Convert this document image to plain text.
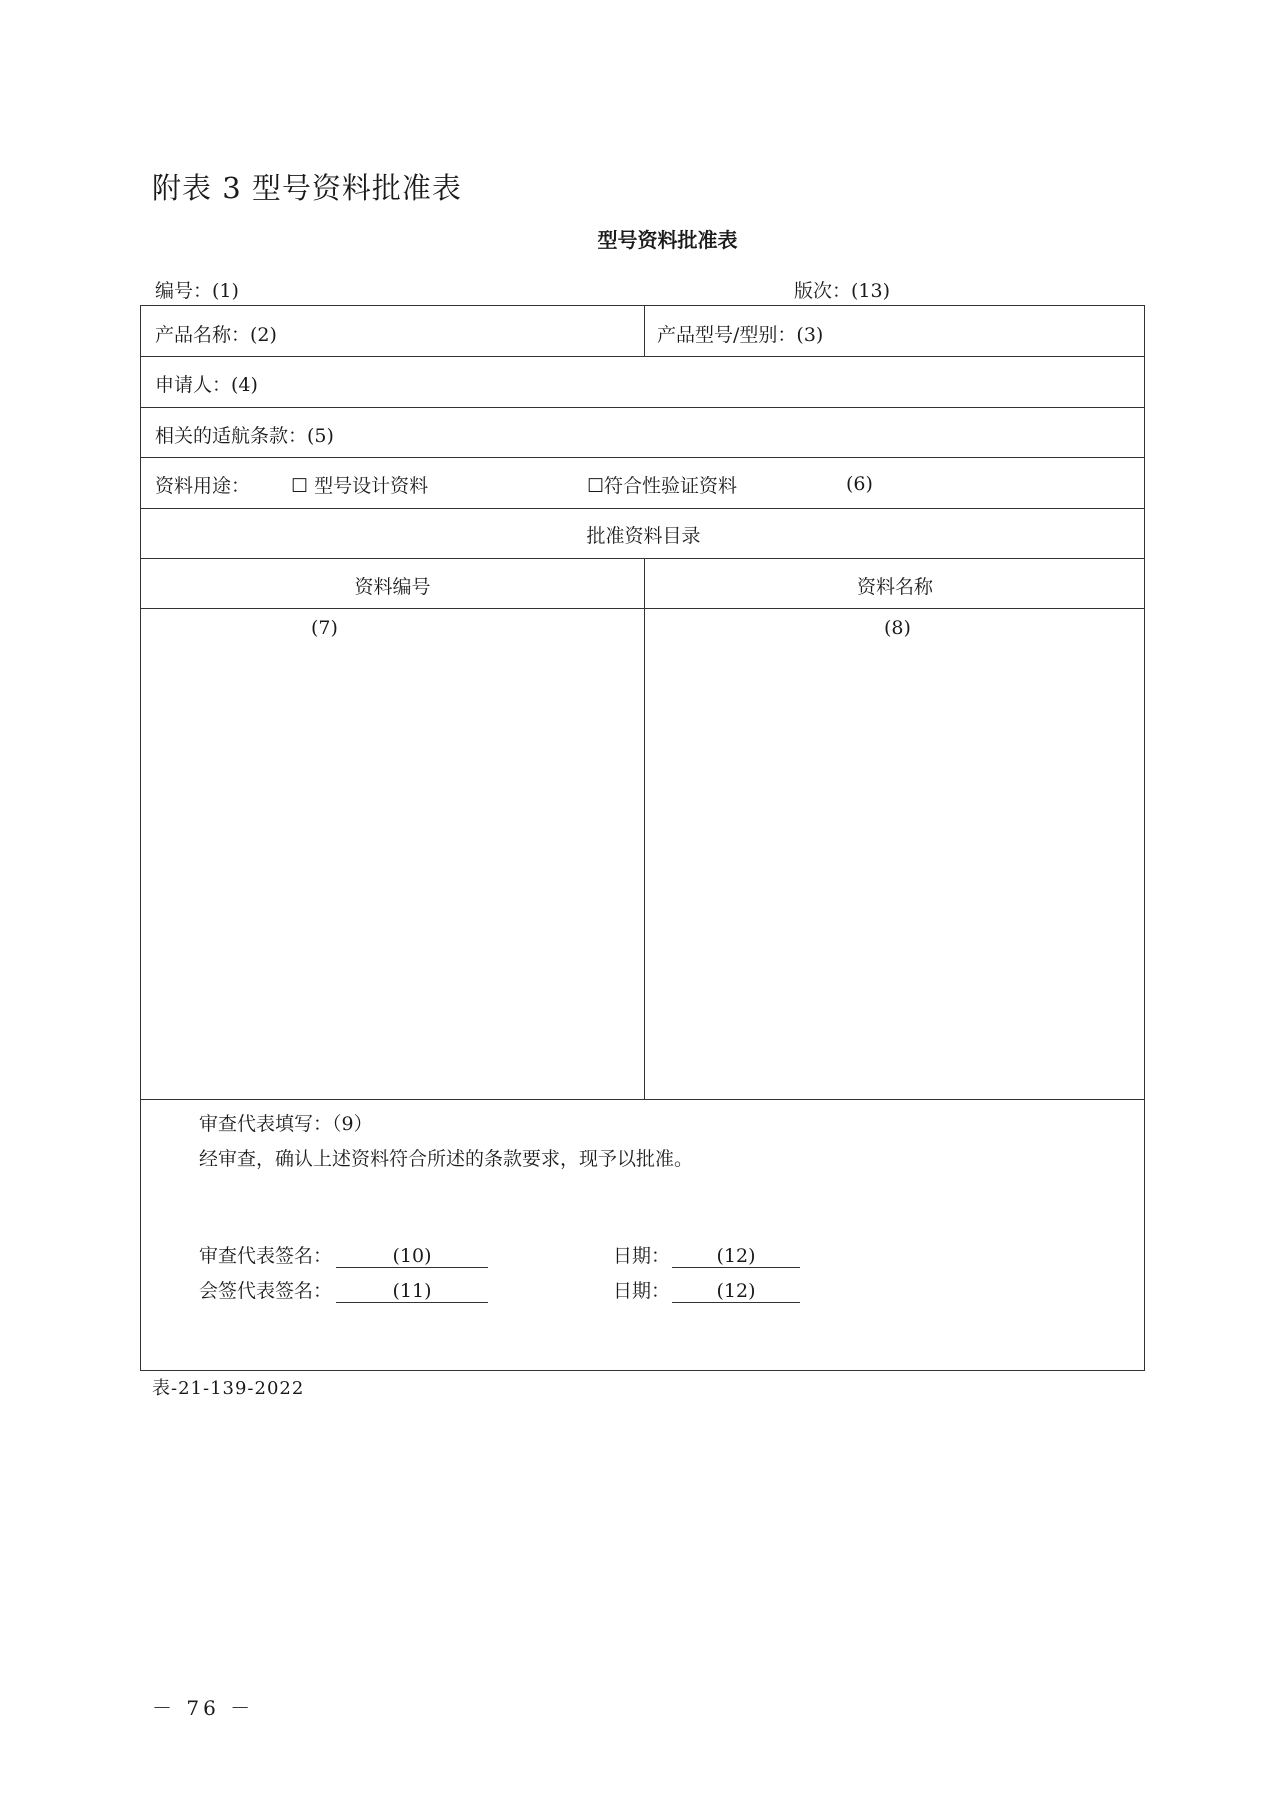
附表 3 型号资料批准表
型号资料批准表
编号：(1)	版次：(13)
产品名称：(2)	产品型号/型别：(3)
申请人：(4)
相关的适航条款：(5)
资料用途： ☐ 型号设计资料	☐符合性验证资料	(6)
批准资料目录
资料编号	资料名称
(7)	(8)
审查代表填写：（9）
经审查，确认上述资料符合所述的条款要求，现予以批准。
审查代表签名：	(10)	日期： (12)
会签代表签名：	(11)	日期： (12)
表-21-139-2022
－ 76 －
